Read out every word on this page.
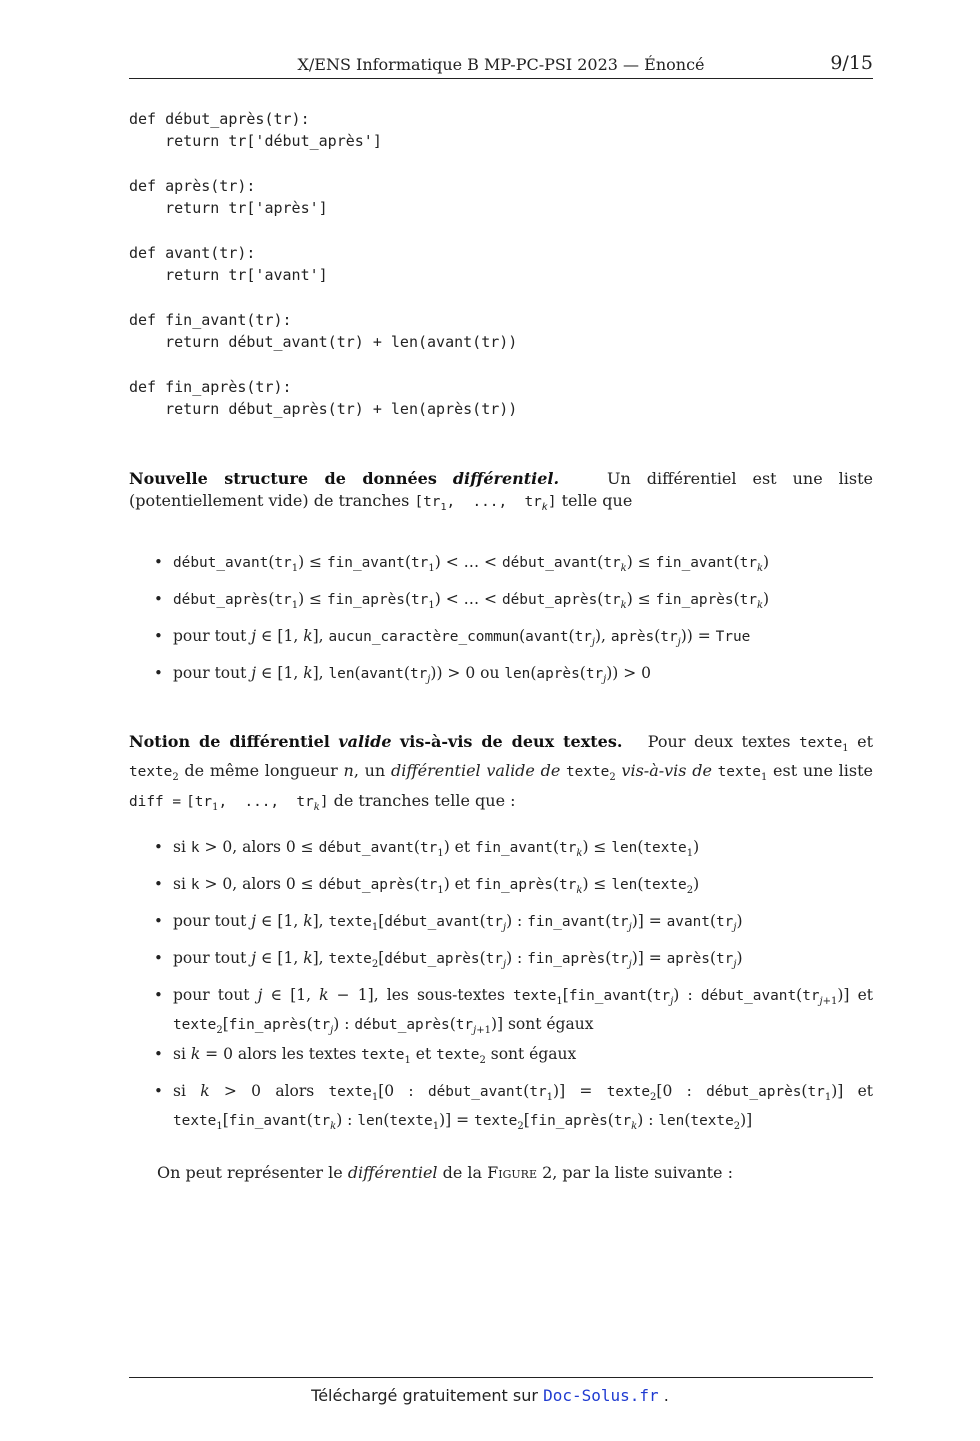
X/ENS Informatique B MP-PC-PSI 2023 — Énoncé	9/15
def début_après(tr):
return tr['début_après']

def après(tr):
return tr['après']

def avant(tr):
return tr['avant']

def fin_avant(tr):
return début_avant(tr) + len(avant(tr))

def fin_après(tr):
return début_après(tr) + len(après(tr))
Nouvelle structure de données différentiel.	Un différentiel est une liste (potentiellement vide) de tranches [$tr_1$,  ...,  $tr_k$] telle que
• $début\_avant(tr_1)$ ≤ $fin\_avant(tr_1)$ < … < $début\_avant(tr_k)$ ≤ $fin\_avant(tr_k)$
• $début\_après(tr_1)$ ≤ $fin\_après(tr_1)$ < … < $début\_après(tr_k)$ ≤ $fin\_après(tr_k)$
• pour tout j ∈ [1, k], $aucun\_caractère\_commun(avant(tr_j)$, $après(tr_j)$) = True
• pour tout j ∈ [1, k], $len(avant(tr_j)) > 0$ ou $len(après(tr_j)) > 0$
Notion de différentiel valide vis-à-vis de deux textes.   Pour deux textes texte$_1$ et texte$_2$ de même longueur n, un différentiel valide de texte$_2$ vis-à-vis de texte$_1$ est une liste diff = [$tr_1$,  ...,  $tr_k$] de tranches telle que :
• si k > 0, alors $0 \le début\_avant(tr_1)$ et $fin\_avant(tr_k)$ ≤ len(texte$_1$)
• si k > 0, alors $0 \le début\_après(tr_1)$ et $fin\_après(tr_k)$ ≤ len(texte$_2$)
• pour tout j ∈ [1, k], $texte_1[début\_avant(tr_j)$ : $fin\_avant(tr_j)$] = $avant(tr_j)$
• pour tout j ∈ [1, k], $texte_2[début\_après(tr_j)$ : $fin\_après(tr_j)$] = $après(tr_j)$
• pour tout j ∈ [1, k − 1], les sous-textes $texte_1[fin\_avant(tr_j)$ : $début\_avant(tr_{j+1})$] et $texte_2[fin\_après(tr_j)$ : $début\_après(tr_{j+1})$] sont égaux
• si k = 0 alors les textes texte$_1$ et texte$_2$ sont égaux
• si k > 0 alors texte$_1$[0 : $début\_avant(tr_1)$] = texte$_2$[0 : $début\_après(tr_1)$] et $texte_1[fin\_avant(tr_k)$ : len(texte$_1$)] = $texte_2[fin\_après(tr_k)$ : len(texte$_2$)]
On peut représenter le différentiel de la Figure 2, par la liste suivante :
Téléchargé gratuitement sur Doc-Solus.fr .
